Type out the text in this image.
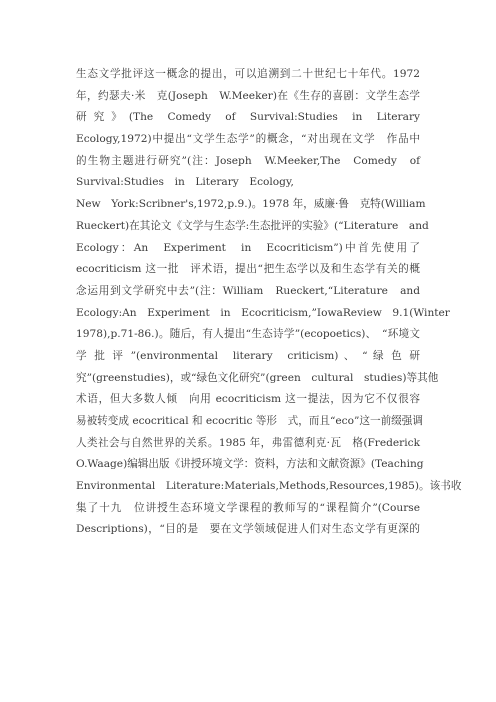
生态文学批评这一概念的提出，可以追溯到二十世纪七十年代。1972
年，约瑟夫·米　克(Joseph　W.Meeker)在《生存的喜剧：文学生态学
研 究 》 (The　Comedy　of　Survival:Studies　in　Literary
Ecology,1972)中提出“文学生态学”的概念，“对出现在文学　作品中
的生物主题进行研究”(注：Joseph　W.Meeker,The　Comedy　of
Survival:Studies　in　Literary　Ecology,
New　York:Scribner's,1972,p.9.)。1978 年，威廉·鲁　克特(William
Rueckert)在其论文《文学与生态学:生态批评的实验》(“Literature　and
Ecology：An　Experiment　in　Ecocriticism”)中首先使用了
ecocriticism 这一批　评术语，提出“把生态学以及和生态学有关的概
念运用到文学研究中去”(注：William　Rueckert,“Literature　and
Ecology:An　Experiment　in　Ecocriticism,”IowaReview　9.1(Winter
1978),p.71-86.)。随后，有人提出“生态诗学”(ecopoetics)、　“环境文
学 批 评 ”(environmental　literary　criticism) 、 “ 绿 色 研
究”(greenstudies)，或“绿色文化研究”(green　cultural　studies)等其他
术语，但大多数人倾　向用 ecocriticism 这一提法，因为它不仅很容
易被转变成 ecocritical 和 ecocritic 等形　式，而且“eco”这一前缀强调
人类社会与自然世界的关系。1985 年，弗雷德利克·瓦　格(Frederick
O.Waage)编辑出版《讲授环境文学：资料，方法和文献资源》(Teaching
Environmental　Literature:Materials,Methods,Resources,1985)。该书收
集了十九　位讲授生态环境文学课程的教师写的“课程简介”(Course
Descriptions)，“目的是　要在文学领域促进人们对生态文学有更深的
